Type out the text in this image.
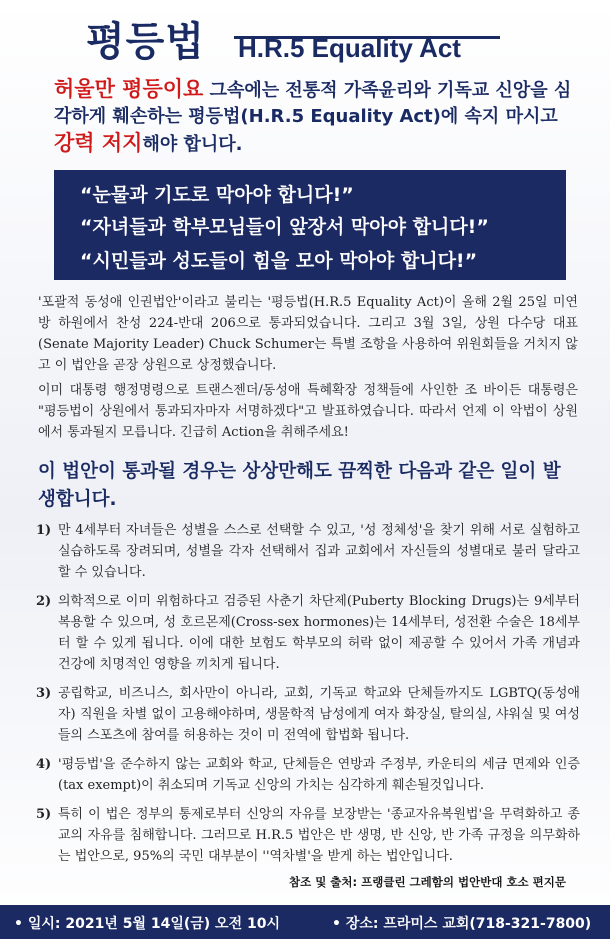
평등법 H.R.5 Equality Act
허울만 평등이요 그속에는 전통적 가족윤리와 기독교 신앙을 심각하게 훼손하는 평등법(H.R.5 Equality Act)에 속지 마시고 강력 저지해야 합니다.
“눈물과 기도로 막아야 합니다!”
“자녀들과 학부모님들이 앞장서 막아야 합니다!”
“시민들과 성도들이 힘을 모아 막아야 합니다!”
'포괄적 동성애 인권법안'이라고 불리는 '평등법(H.R.5 Equality Act)이 올해 2월 25일 미연방 하원에서 찬성 224-반대 206으로 통과되었습니다. 그리고 3월 3일, 상원 다수당 대표(Senate Majority Leader) Chuck Schumer는 특별 조항을 사용하여 위원회들을 거치지 않고 이 법안을 곧장 상원으로 상정했습니다.
이미 대통령 행정명령으로 트랜스젠더/동성애 특혜확장 정책들에 사인한 조 바이든 대통령은 "평등법이 상원에서 통과되자마자 서명하겠다"고 발표하였습니다. 따라서 언제 이 악법이 상원에서 통과될지 모릅니다. 긴급히 Action을 취해주세요!
이 법안이 통과될 경우는 상상만해도 끔찍한 다음과 같은 일이 발생합니다.
1) 만 4세부터 자녀들은 성별을 스스로 선택할 수 있고, '성 정체성'을 찾기 위해 서로 실험하고 실습하도록 장려되며, 성별을 각자 선택해서 집과 교회에서 자신들의 성별대로 불러 달라고 할 수 있습니다.
2) 의학적으로 이미 위험하다고 검증된 사춘기 차단제(Puberty Blocking Drugs)는 9세부터 복용할 수 있으며, 성 호르몬제(Cross-sex hormones)는 14세부터, 성전환 수술은 18세부터 할 수 있게 됩니다. 이에 대한 보험도 학부모의 허락 없이 제공할 수 있어서 가족 개념과 건강에 치명적인 영향을 끼치게 됩니다.
3) 공립학교, 비즈니스, 회사만이 아니라, 교회, 기독교 학교와 단체들까지도 LGBTQ(동성애자) 직원을 차별 없이 고용해야하며, 생물학적 남성에게 여자 화장실, 탈의실, 샤워실 및 여성들의 스포츠에 참여를 허용하는 것이 미 전역에 합법화 됩니다.
4) '평등법'을 준수하지 않는 교회와 학교, 단체들은 연방과 주정부, 카운티의 세금 면제와 인증(tax exempt)이 취소되며 기독교 신앙의 가치는 심각하게 훼손될것입니다.
5) 특히 이 법은 정부의 통제로부터 신앙의 자유를 보장받는 '종교자유복원법'을 무력화하고 종교의 자유를 침해합니다. 그러므로 H.R.5 법안은 반 생명, 반 신앙, 반 가족 규정을 의무화하는 법안으로, 95%의 국민 대부분이 ''역차별'을 받게 하는 법안입니다.
참조 및 출처: 프랭클린 그레함의 법안반대 호소 편지문
• 일시: 2021년 5월 14일(금) 오전 10시	• 장소: 프라미스 교회(718-321-7800)
